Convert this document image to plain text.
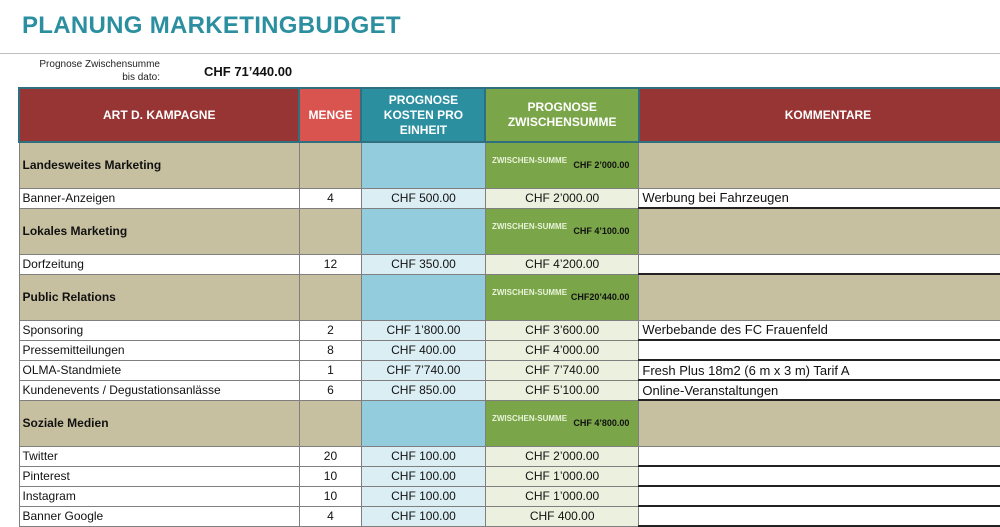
PLANUNG MARKETINGBUDGET
Prognose Zwischensumme
bis dato:	CHF 71’440.00
ART D. KAMPAGNE	MENGE	PROGNOSE KOSTEN PRO EINHEIT	PROGNOSE ZWISCHENSUMME	KOMMENTARE
Landesweites Marketing			ZWISCHEN-SUMME CHF 2’000.00	

Banner-Anzeigen	4	CHF 500.00	CHF 2’000.00	Werbung bei Fahrzeugen
Lokales Marketing			ZWISCHEN-SUMME CHF 4’100.00	

Dorfzeitung	12	CHF 350.00	CHF 4’200.00	
Public Relations			ZWISCHEN-SUMME CHF20’440.00	

Sponsoring	2	CHF 1’800.00	CHF 3’600.00	Werbebande des FC Frauenfeld
Pressemitteilungen	8	CHF 400.00	CHF 4’000.00	
OLMA-Standmiete	1	CHF 7’740.00	CHF 7’740.00	Fresh Plus 18m2 (6 m x 3 m) Tarif A
Kundenevents / Degustationsanlässe	6	CHF 850.00	CHF 5’100.00	Online-Veranstaltungen
Soziale Medien			ZWISCHEN-SUMME CHF 4’800.00	

Twitter	20	CHF 100.00	CHF 2’000.00	
Pinterest	10	CHF 100.00	CHF 1’000.00	
Instagram	10	CHF 100.00	CHF 1’000.00	
Banner Google	4	CHF 100.00	CHF 400.00	
